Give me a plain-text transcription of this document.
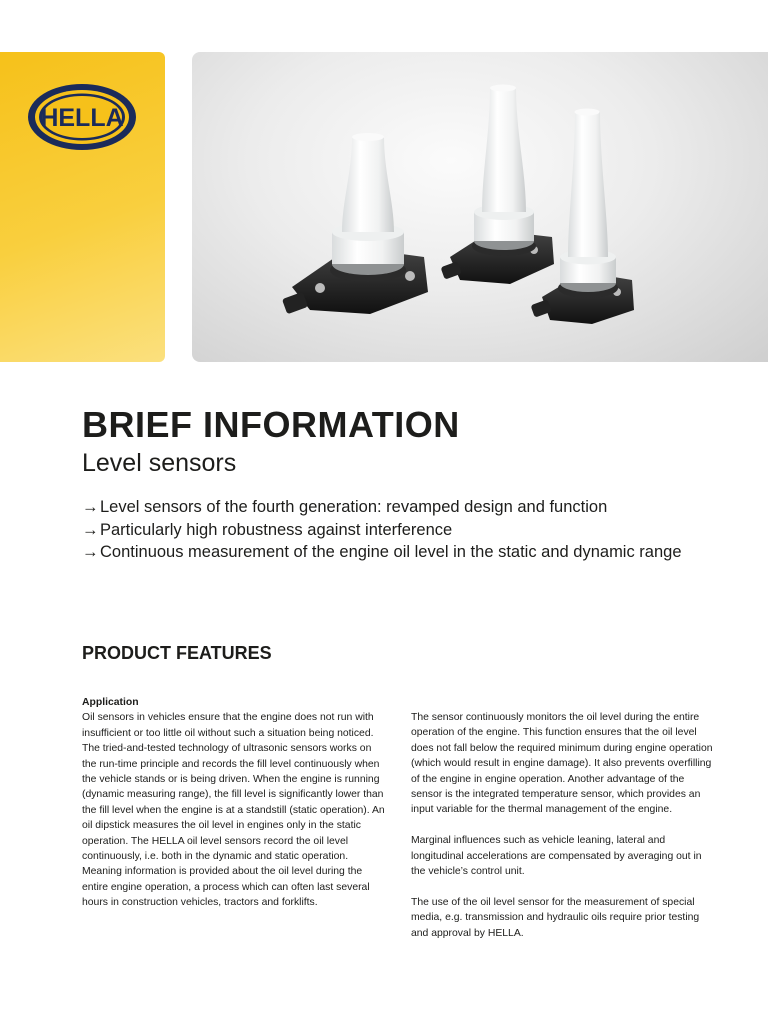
HELLA
BRIEF INFORMATION
Level sensors
→Level sensors of the fourth generation: revamped design and function
→Particularly high robustness against interference
→Continuous measurement of the engine oil level in the static and dynamic range
PRODUCT FEATURES

Application

Oil sensors in vehicles ensure that the engine does not run with insufficient or too little oil without such a situation being noticed. The tried-and-tested technology of ultrasonic sensors works on the run-time principle and records the fill level continuously when the vehicle stands or is being driven. When the engine is running (dynamic measuring range), the fill level is significantly lower than the fill level when the engine is at a standstill (static operation). An oil dipstick measures the oil level in engines only in the static operation. The HELLA oil level sensors record the oil level continuously, i.e. both in the dynamic and static operation. Meaning information is provided about the oil level during the entire engine operation, a process which can often last several hours in construction vehicles, tractors and forklifts.

The sensor continuously monitors the oil level during the entire operation of the engine. This function ensures that the oil level does not fall below the required minimum during engine operation (which would result in engine damage). It also prevents overfilling of the engine in engine operation. Another advantage of the sensor is the integrated temperature sensor, which provides an input variable for the thermal management of the engine.

Marginal influences such as vehicle leaning, lateral and longitudinal accelerations are compensated by averaging out in the vehicle’s control unit.

The use of the oil level sensor for the measurement of special media, e.g. transmission and hydraulic oils require prior testing and approval by HELLA.
